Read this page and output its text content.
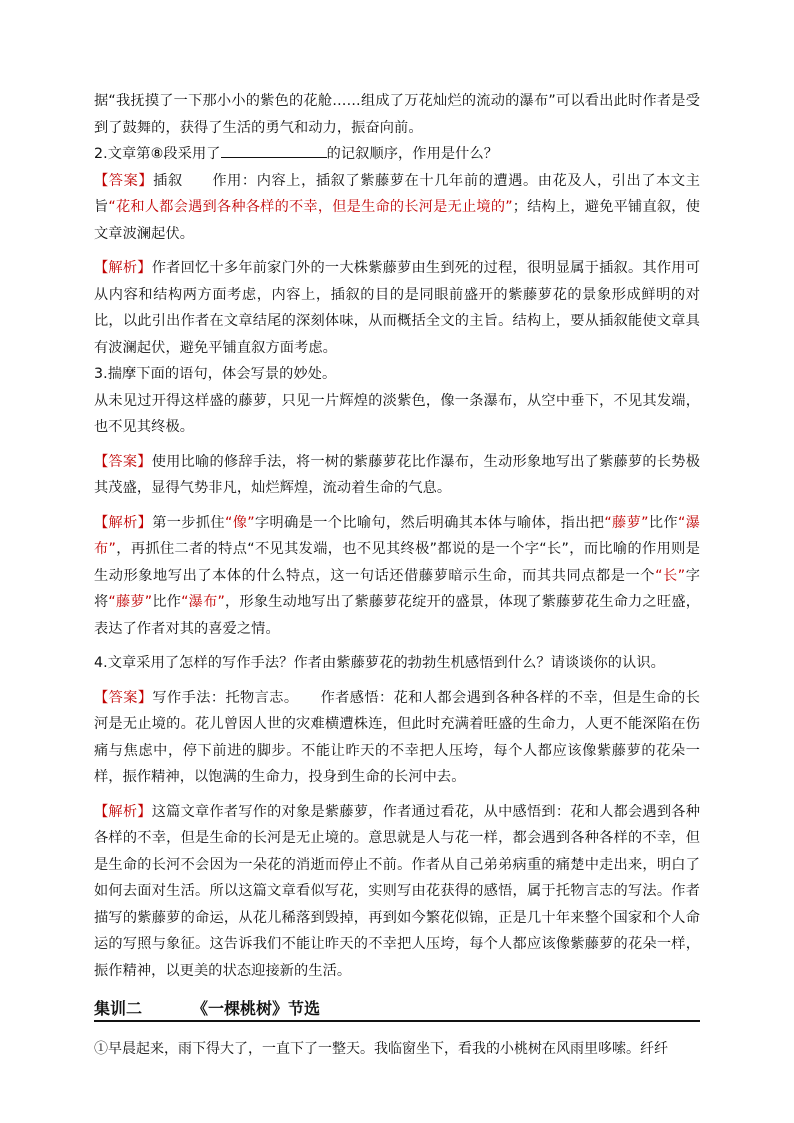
据“我抚摸了一下那小小的紫色的花舱……组成了万花灿烂的流动的瀑布”可以看出此时作者是受到了鼓舞的，获得了生活的勇气和动力，振奋向前。

2.文章第⑧段采用了	的记叙顺序，作用是什么？

【答案】插叙　　作用：内容上，插叙了紫藤萝在十几年前的遭遇。由花及人，引出了本文主旨“花和人都会遇到各种各样的不幸，但是生命的长河是无止境的”；结构上，避免平铺直叙，使文章波澜起伏。

【解析】作者回忆十多年前家门外的一大株紫藤萝由生到死的过程，很明显属于插叙。其作用可从内容和结构两方面考虑，内容上，插叙的目的是同眼前盛开的紫藤萝花的景象形成鲜明的对比，以此引出作者在文章结尾的深刻体味，从而概括全文的主旨。结构上，要从插叙能使文章具有波澜起伏，避免平铺直叙方面考虑。

3.揣摩下面的语句，体会写景的妙处。

从未见过开得这样盛的藤萝，只见一片辉煌的淡紫色，像一条瀑布，从空中垂下，不见其发端，也不见其终极。

【答案】使用比喻的修辞手法，将一树的紫藤萝花比作瀑布，生动形象地写出了紫藤萝的长势极其茂盛，显得气势非凡，灿烂辉煌，流动着生命的气息。

【解析】第一步抓住“像”字明确是一个比喻句，然后明确其本体与喻体，指出把“藤萝”比作“瀑布”，再抓住二者的特点“不见其发端，也不见其终极”都说的是一个字“长”，而比喻的作用则是生动形象地写出了本体的什么特点，这一句话还借藤萝暗示生命，而其共同点都是一个“长”字将“藤萝”比作“瀑布”，形象生动地写出了紫藤萝花绽开的盛景，体现了紫藤萝花生命力之旺盛，表达了作者对其的喜爱之情。

4.文章采用了怎样的写作手法？作者由紫藤萝花的勃勃生机感悟到什么？请谈谈你的认识。

【答案】写作手法：托物言志。　　作者感悟：花和人都会遇到各种各样的不幸，但是生命的长河是无止境的。花儿曾因人世的灾难横遭株连，但此时充满着旺盛的生命力，人更不能深陷在伤痛与焦虑中，停下前进的脚步。不能让昨天的不幸把人压垮，每个人都应该像紫藤萝的花朵一样，振作精神，以饱满的生命力，投身到生命的长河中去。

【解析】这篇文章作者写作的对象是紫藤萝，作者通过看花，从中感悟到：花和人都会遇到各种各样的不幸，但是生命的长河是无止境的。意思就是人与花一样，都会遇到各种各样的不幸，但是生命的长河不会因为一朵花的消逝而停止不前。作者从自己弟弟病重的痛楚中走出来，明白了如何去面对生活。所以这篇文章看似写花，实则写由花获得的感悟，属于托物言志的写法。作者描写的紫藤萝的命运，从花儿稀落到毁掉，再到如今繁花似锦，正是几十年来整个国家和个人命运的写照与象征。这告诉我们不能让昨天的不幸把人压垮，每个人都应该像紫藤萝的花朵一样，振作精神，以更美的状态迎接新的生活。

集训二	《一棵桃树》节选

①早晨起来，雨下得大了，一直下了一整天。我临窗坐下，看我的小桃树在风雨里哆嗦。纤纤
